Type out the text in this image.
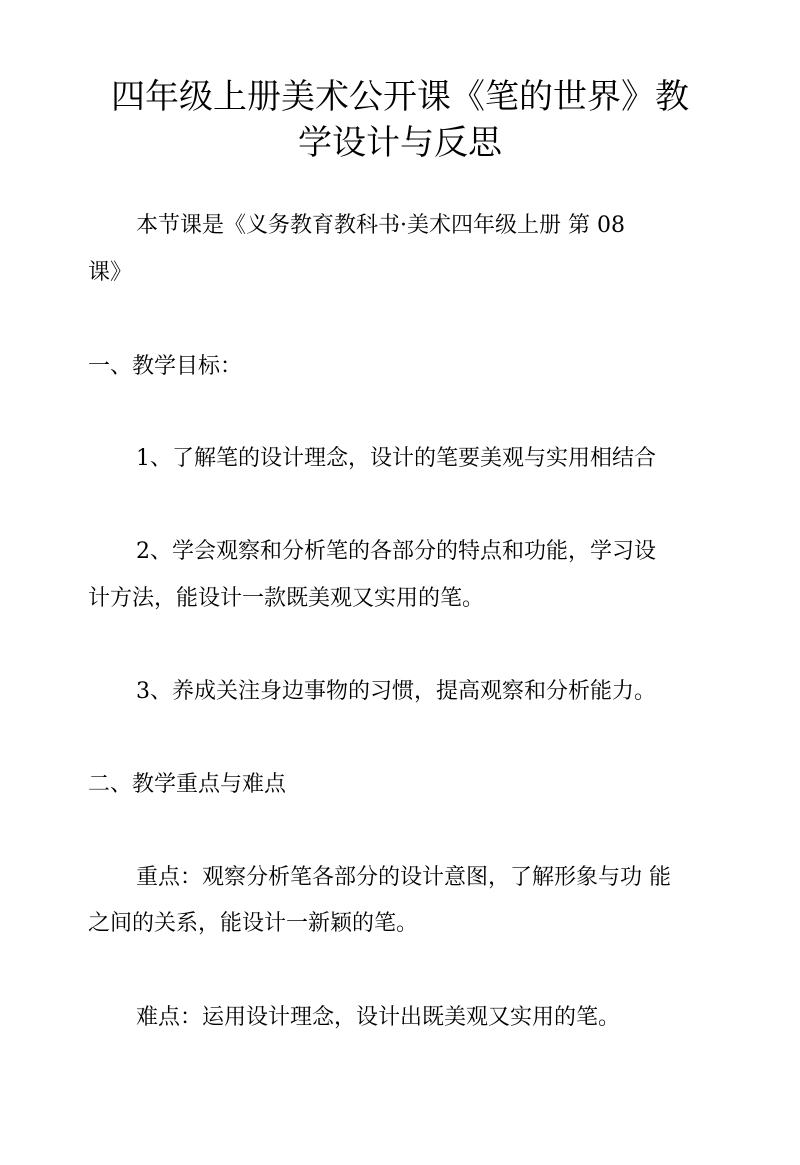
四年级上册美术公开课《笔的世界》教
学设计与反思

本节课是《义务教育教科书·美术四年级上册 第 08

课》

一、教学目标：

1、了解笔的设计理念，设计的笔要美观与实用相结合

2、学会观察和分析笔的各部分的特点和功能，学习设

计方法，能设计一款既美观又实用的笔。

3、养成关注身边事物的习惯，提高观察和分析能力。

二、教学重点与难点

重点：观察分析笔各部分的设计意图，了解形象与功 能

之间的关系，能设计一新颖的笔。

难点：运用设计理念，设计出既美观又实用的笔。
